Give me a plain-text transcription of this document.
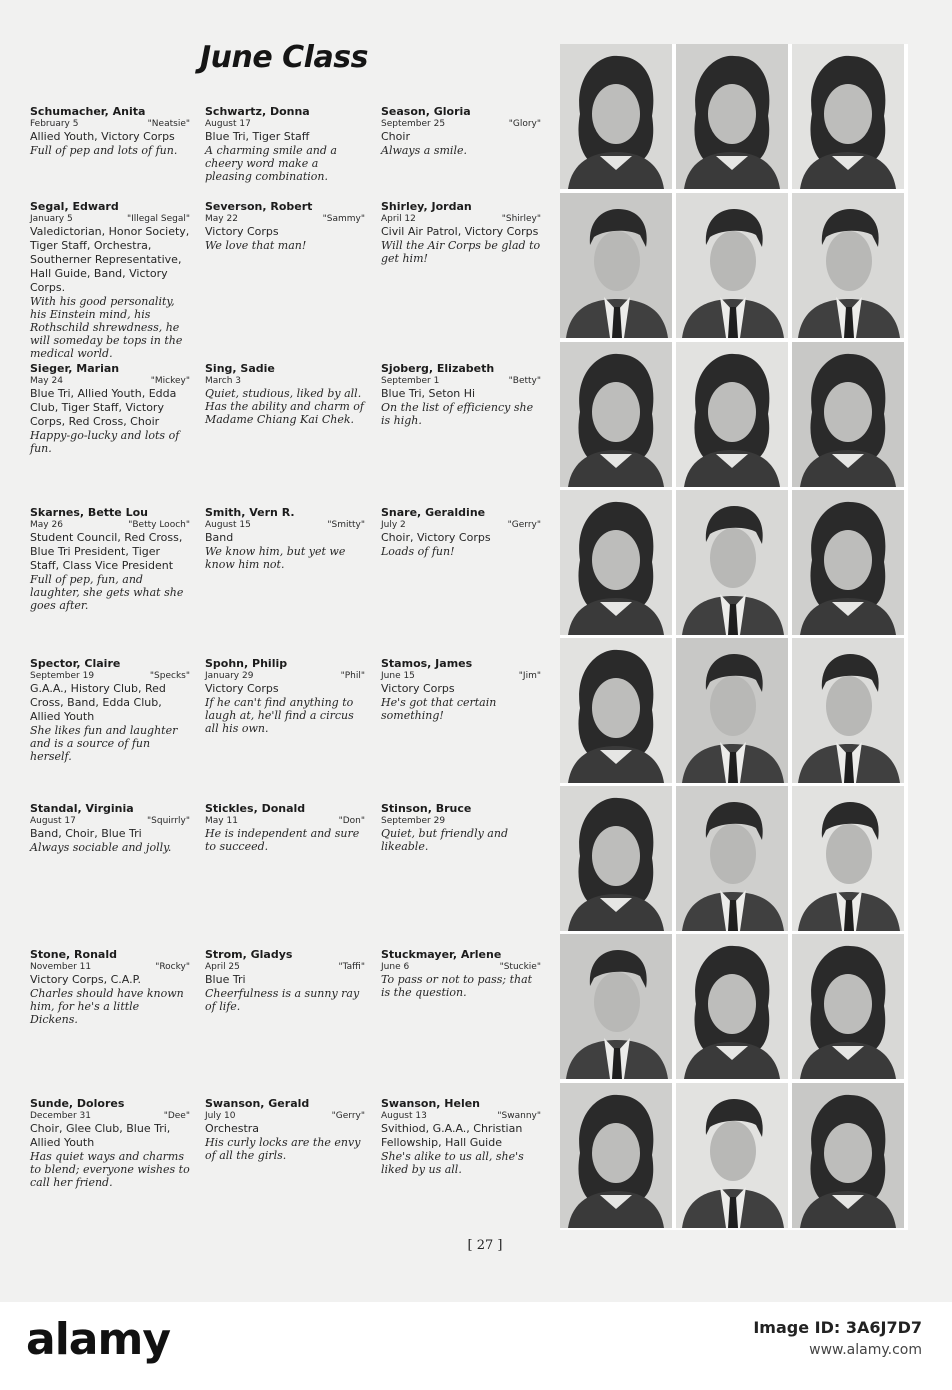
June Class
Schumacher, Anita
February 5	"Neatsie"
Allied Youth, Victory Corps
Full of pep and lots of fun.
Schwartz, Donna
August 17
Blue Tri, Tiger Staff
A charming smile and a cheery word make a pleasing combination.
Season, Gloria
September 25	"Glory"
Choir
Always a smile.
Segal, Edward
January 5	"Illegal Segal"
Valedictorian, Honor Society, Tiger Staff, Orchestra, Southerner Representative, Hall Guide, Band, Victory Corps.
With his good personality, his Einstein mind, his Rothschild shrewdness, he will someday be tops in the medical world.
Severson, Robert
May 22	"Sammy"
Victory Corps
We love that man!
Shirley, Jordan
April 12	"Shirley"
Civil Air Patrol, Victory Corps
Will the Air Corps be glad to get him!
Sieger, Marian
May 24	"Mickey"
Blue Tri, Allied Youth, Edda Club, Tiger Staff, Victory Corps, Red Cross, Choir
Happy-go-lucky and lots of fun.
Sing, Sadie
March 3
Quiet, studious, liked by all. Has the ability and charm of Madame Chiang Kai Chek.
Sjoberg, Elizabeth
September 1	"Betty"
Blue Tri, Seton Hi
On the list of efficiency she is high.
Skarnes, Bette Lou
May 26	"Betty Looch"
Student Council, Red Cross, Blue Tri President, Tiger Staff, Class Vice President
Full of pep, fun, and laughter, she gets what she goes after.
Smith, Vern R.
August 15	"Smitty"
Band
We know him, but yet we know him not.
Snare, Geraldine
July 2	"Gerry"
Choir, Victory Corps
Loads of fun!
Spector, Claire
September 19	"Specks"
G.A.A., History Club, Red Cross, Band, Edda Club, Allied Youth
She likes fun and laughter and is a source of fun herself.
Spohn, Philip
January 29	"Phil"
Victory Corps
If he can't find anything to laugh at, he'll find a circus all his own.
Stamos, James
June 15	"Jim"
Victory Corps
He's got that certain something!
Standal, Virginia
August 17	"Squirrly"
Band, Choir, Blue Tri
Always sociable and jolly.
Stickles, Donald
May 11	"Don"
He is independent and sure to succeed.
Stinson, Bruce
September 29
Quiet, but friendly and likeable.
Stone, Ronald
November 11	"Rocky"
Victory Corps, C.A.P.
Charles should have known him, for he's a little Dickens.
Strom, Gladys
April 25	"Taffi"
Blue Tri
Cheerfulness is a sunny ray of life.
Stuckmayer, Arlene
June 6	"Stuckie"
To pass or not to pass; that is the question.
Sunde, Dolores
December 31	"Dee"
Choir, Glee Club, Blue Tri, Allied Youth
Has quiet ways and charms to blend; everyone wishes to call her friend.
Swanson, Gerald
July 10	"Gerry"
Orchestra
His curly locks are the envy of all the girls.
Swanson, Helen
August 13	"Swanny"
Svithiod, G.A.A., Christian Fellowship, Hall Guide
She's alike to us all, she's liked by us all.
[ 27 ]
alamy	Image ID: 3A6J7D7
www.alamy.com
